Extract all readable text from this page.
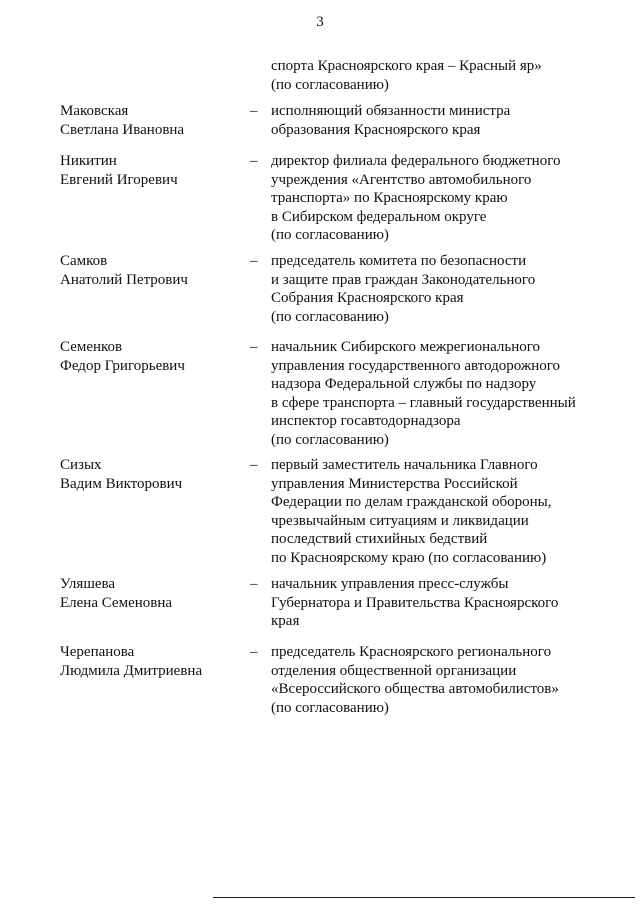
3
спорта Красноярского края – Красный яр»
(по согласованию)
Маковская
Светлана Ивановна
– исполняющий обязанности министра
образования Красноярского края
Никитин
Евгений Игоревич
– директор филиала федерального бюджетного
учреждения «Агентство автомобильного
транспорта» по Красноярскому краю
в Сибирском федеральном округе
(по согласованию)
Самков
Анатолий Петрович
– председатель комитета по безопасности
и защите прав граждан Законодательного
Собрания Красноярского края
(по согласованию)
Семенков
Федор Григорьевич
– начальник Сибирского межрегионального
управления государственного автодорожного
надзора Федеральной службы по надзору
в сфере транспорта – главный государственный
инспектор госавтодорнадзора
(по согласованию)
Сизых
Вадим Викторович
– первый заместитель начальника Главного
управления Министерства Российской
Федерации по делам гражданской обороны,
чрезвычайным ситуациям и ликвидации
последствий стихийных бедствий
по Красноярскому краю (по согласованию)
Уляшева
Елена Семеновна
– начальник управления пресс-службы
Губернатора и Правительства Красноярского
края
Черепанова
Людмила Дмитриевна
– председатель Красноярского регионального
отделения общественной организации
«Всероссийского общества автомобилистов»
(по согласованию)
